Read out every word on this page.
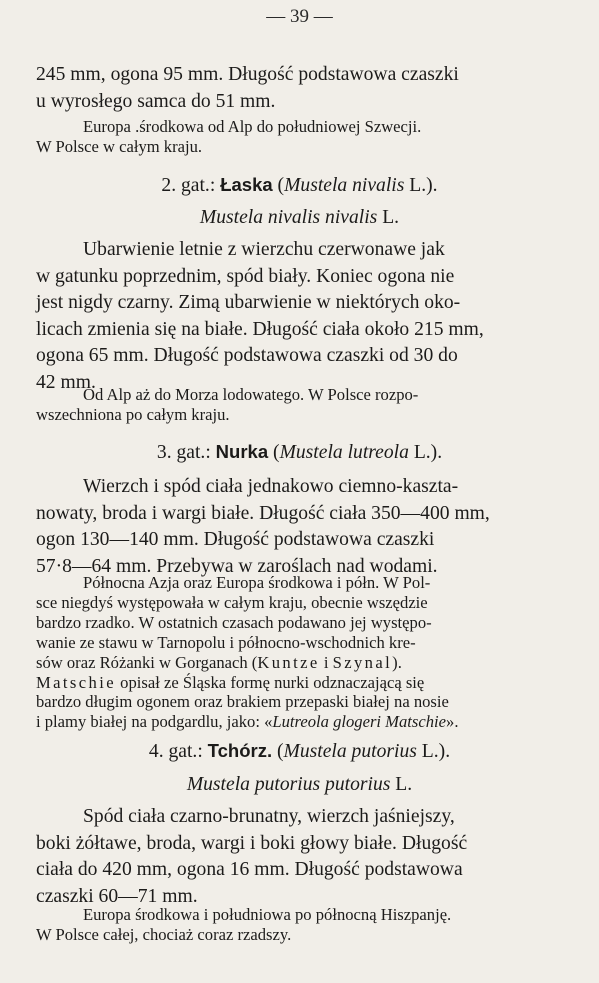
— 39 —
245 mm, ogona 95 mm. Długość podstawowa czaszki
u wyrosłego samca do 51 mm.
Europa .środkowa od Alp do południowej Szwecji.
W Polsce w całym kraju.

2. gat.: Łaska (Mustela nivalis L.).

Mustela nivalis nivalis L.

Ubarwienie letnie z wierzchu czerwonawe jak
w gatunku poprzednim, spód biały. Koniec ogona nie
jest nigdy czarny. Zimą ubarwienie w niektórych oko-
licach zmienia się na białe. Długość ciała około 215 mm,
ogona 65 mm. Długość podstawowa czaszki od 30 do
42 mm.
Od Alp aż do Morza lodowatego. W Polsce rozpo-
wszechniona po całym kraju.

3. gat.: Nurka (Mustela lutreola L.).

Wierzch i spód ciała jednakowo ciemno-kaszta-
nowaty, broda i wargi białe. Długość ciała 350—400 mm,
ogon 130—140 mm. Długość podstawowa czaszki
57·8—64 mm. Przebywa w zaroślach nad wodami.
Północna Azja oraz Europa środkowa i półn. W Pol-
sce niegdyś występowała w całym kraju, obecnie wszędzie
bardzo rzadko. W ostatnich czasach podawano jej występo-
wanie ze stawu w Tarnopolu i północno-wschodnich kre-
sów oraz Różanki w Gorganach (Kuntze i Szynal).
Matschie opisał ze Śląska formę nurki odznaczającą się
bardzo długim ogonem oraz brakiem przepaski białej na nosie
i plamy białej na podgardlu, jako: «Lutreola glogeri Matschie».

4. gat.: Tchórz. (Mustela putorius L.).

Mustela putorius putorius L.

Spód ciała czarno-brunatny, wierzch jaśniejszy,
boki żółtawe, broda, wargi i boki głowy białe. Długość
ciała do 420 mm, ogona 16 mm. Długość podstawowa
czaszki 60—71 mm.
Europa środkowa i południowa po północną Hiszpanję.
W Polsce całej, chociaż coraz rzadszy.
